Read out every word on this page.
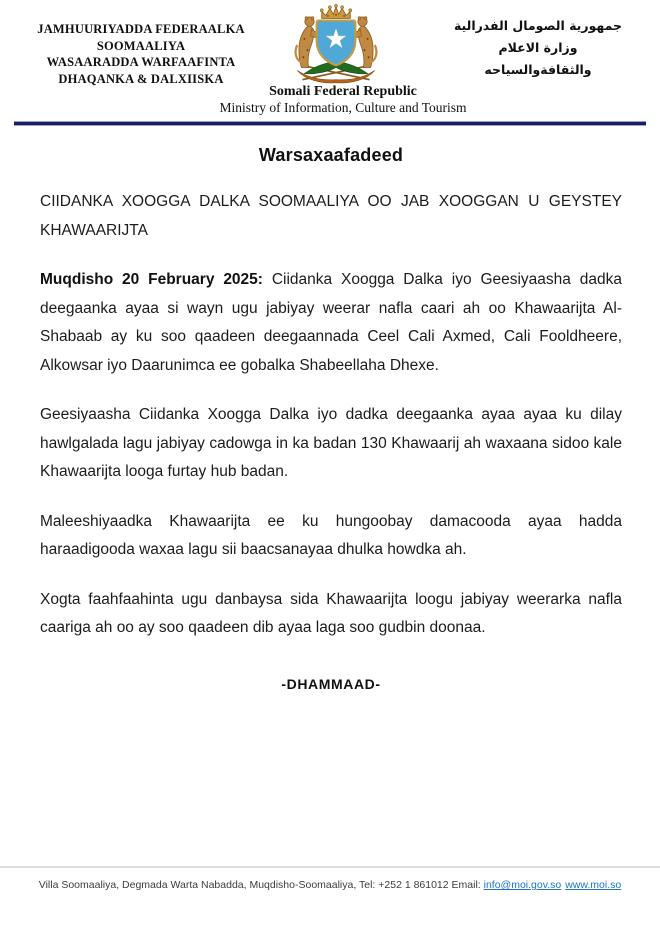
JAMHUURIYADDA FEDERAALKA
SOOMAALIYA
WASAARADDA WARFAAFINTA
DHAQANKA & DALXIISKA
Somali Federal Republic
Ministry of Information, Culture and Tourism
جمهورية الصومال الفدرالية
وزارة الاعلام
والثقافةوالسياحه
Warsaxaafadeed
CIIDANKA XOOGGA DALKA SOOMAALIYA OO JAB XOOGGAN U GEYSTEY KHAWAARIJTA

Muqdisho 20 February 2025: Ciidanka Xoogga Dalka iyo Geesiyaasha dadka deegaanka ayaa si wayn ugu jabiyay weerar nafla caari ah oo Khawaarijta Al-Shabaab ay ku soo qaadeen deegaannada Ceel Cali Axmed, Cali Fooldheere, Alkowsar iyo Daarunimca ee gobalka Shabeellaha Dhexe.

Geesiyaasha Ciidanka Xoogga Dalka iyo dadka deegaanka ayaa ayaa ku dilay hawlgalada lagu jabiyay cadowga in ka badan 130 Khawaarij ah waxaana sidoo kale Khawaarijta looga furtay hub badan.

Maleeshiyaadka Khawaarijta ee ku hungoobay damacooda ayaa hadda haraadigooda waxaa lagu sii baacsanayaa dhulka howdka ah.

Xogta faahfaahinta ugu danbaysa sida Khawaarijta loogu jabiyay weerarka nafla caariga ah oo ay soo qaadeen dib ayaa laga soo gudbin doonaa.

-DHAMMAAD-
Villa Soomaaliya, Degmada Warta Nabadda, Muqdisho-Soomaaliya, Tel: +252 1 861012 Email: info@moi.gov.so www.moi.so
